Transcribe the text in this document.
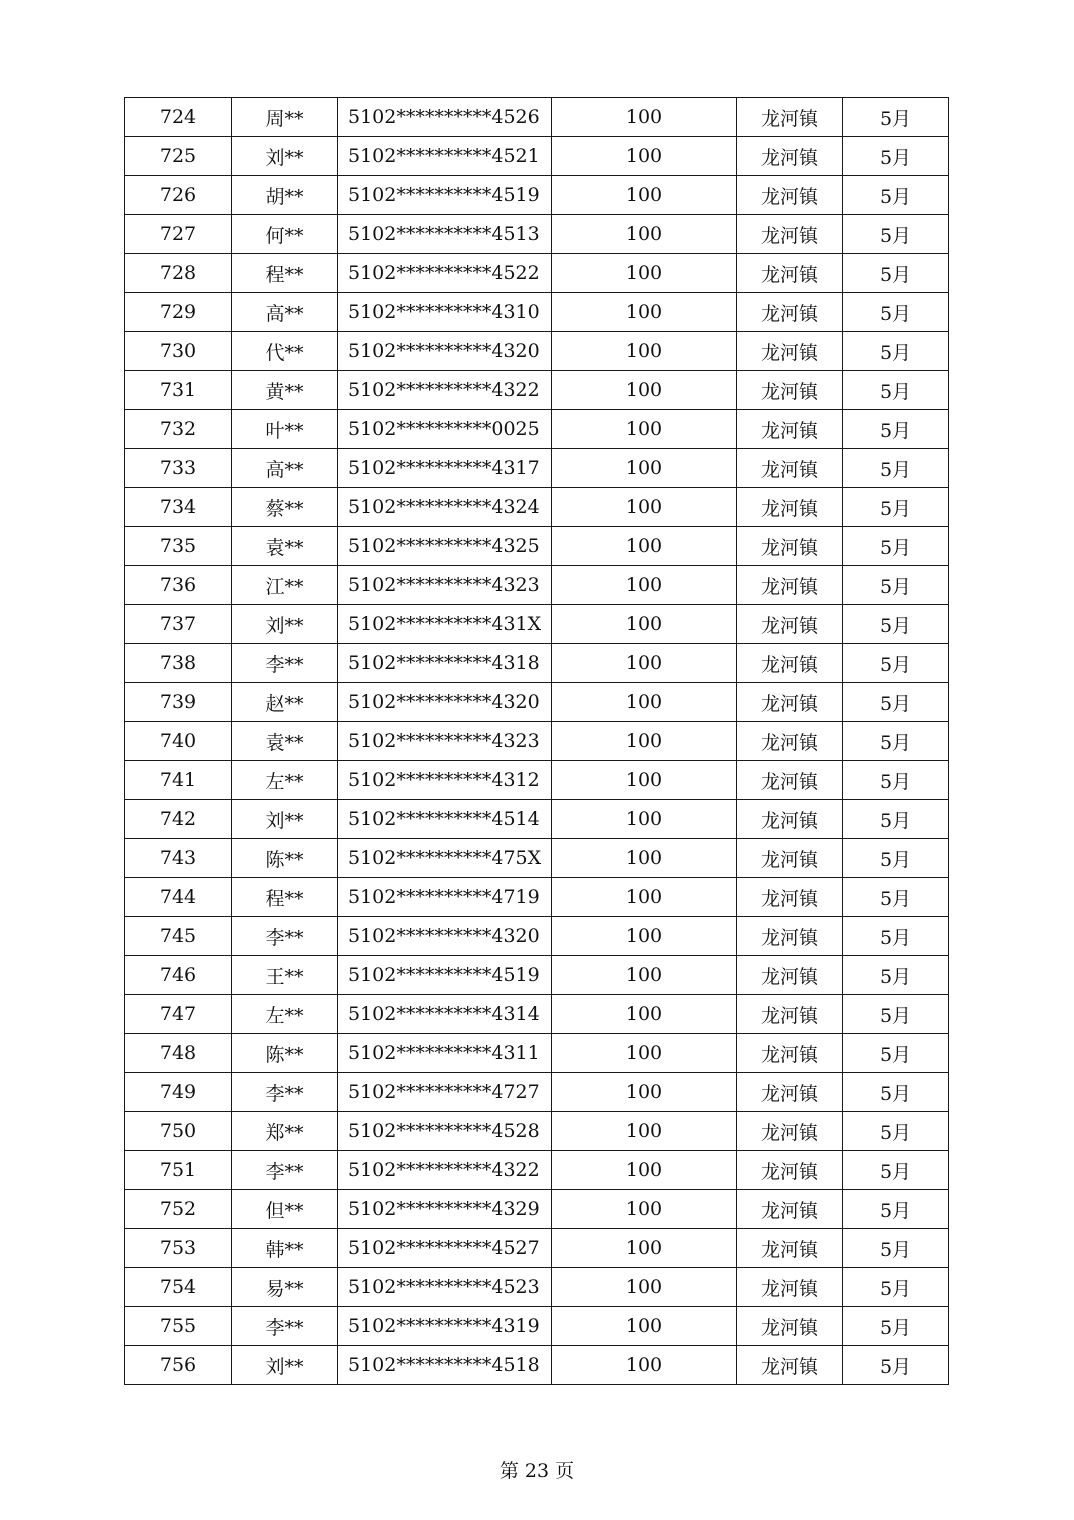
724	周**	5102**********4526	100	龙河镇	5月
725	刘**	5102**********4521	100	龙河镇	5月
726	胡**	5102**********4519	100	龙河镇	5月
727	何**	5102**********4513	100	龙河镇	5月
728	程**	5102**********4522	100	龙河镇	5月
729	高**	5102**********4310	100	龙河镇	5月
730	代**	5102**********4320	100	龙河镇	5月
731	黄**	5102**********4322	100	龙河镇	5月
732	叶**	5102**********0025	100	龙河镇	5月
733	高**	5102**********4317	100	龙河镇	5月
734	蔡**	5102**********4324	100	龙河镇	5月
735	袁**	5102**********4325	100	龙河镇	5月
736	江**	5102**********4323	100	龙河镇	5月
737	刘**	5102**********431X	100	龙河镇	5月
738	李**	5102**********4318	100	龙河镇	5月
739	赵**	5102**********4320	100	龙河镇	5月
740	袁**	5102**********4323	100	龙河镇	5月
741	左**	5102**********4312	100	龙河镇	5月
742	刘**	5102**********4514	100	龙河镇	5月
743	陈**	5102**********475X	100	龙河镇	5月
744	程**	5102**********4719	100	龙河镇	5月
745	李**	5102**********4320	100	龙河镇	5月
746	王**	5102**********4519	100	龙河镇	5月
747	左**	5102**********4314	100	龙河镇	5月
748	陈**	5102**********4311	100	龙河镇	5月
749	李**	5102**********4727	100	龙河镇	5月
750	郑**	5102**********4528	100	龙河镇	5月
751	李**	5102**********4322	100	龙河镇	5月
752	但**	5102**********4329	100	龙河镇	5月
753	韩**	5102**********4527	100	龙河镇	5月
754	易**	5102**********4523	100	龙河镇	5月
755	李**	5102**********4319	100	龙河镇	5月
756	刘**	5102**********4518	100	龙河镇	5月
第 23 页
